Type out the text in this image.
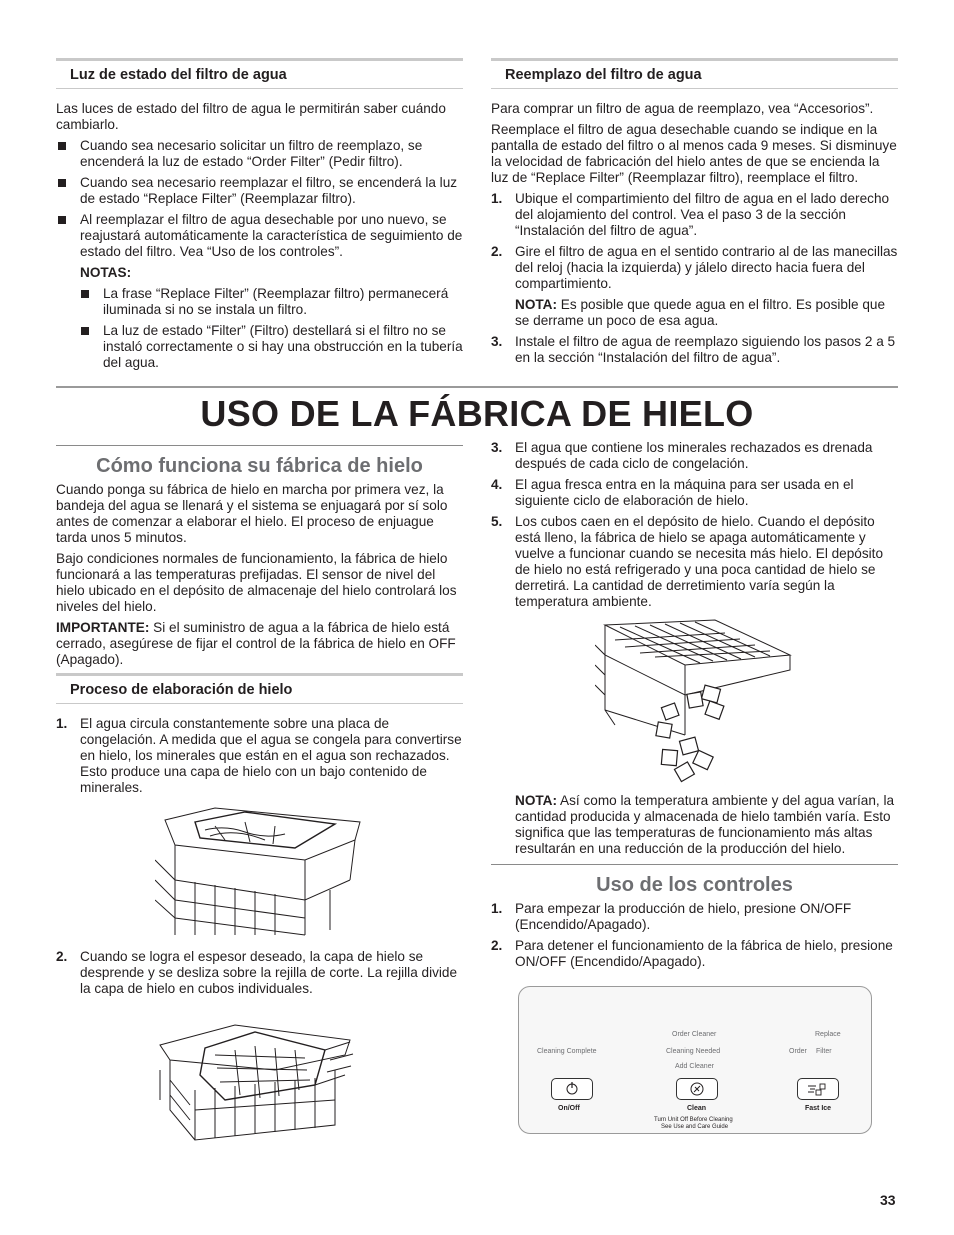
Luz de estado del filtro de agua

Las luces de estado del filtro de agua le permitirán saber cuándo cambiarlo.

Cuando sea necesario solicitar un filtro de reemplazo, se encenderá la luz de estado “Order Filter” (Pedir filtro).
Cuando sea necesario reemplazar el filtro, se encenderá la luz de estado “Replace Filter” (Reemplazar filtro).
Al reemplazar el filtro de agua desechable por uno nuevo, se reajustará automáticamente la característica de seguimiento de estado del filtro. Vea “Uso de los controles”.
NOTAS:
La frase “Replace Filter” (Reemplazar filtro) permanecerá iluminada si no se instala un filtro.
La luz de estado “Filter” (Filtro) destellará si el filtro no se instaló correctamente o si hay una obstrucción en la tubería del agua.
Reemplazo del filtro de agua

Para comprar un filtro de agua de reemplazo, vea “Accesorios”.

Reemplace el filtro de agua desechable cuando se indique en la pantalla de estado del filtro o al menos cada 9 meses. Si disminuye la velocidad de fabricación del hielo antes de que se encienda la luz de “Replace Filter” (Reemplazar filtro), reemplace el filtro.

1. Ubique el compartimiento del filtro de agua en el lado derecho del alojamiento del control. Vea el paso 3 de la sección “Instalación del filtro de agua”.
2. Gire el filtro de agua en el sentido contrario al de las manecillas del reloj (hacia la izquierda) y jálelo directo hacia fuera del compartimiento.
NOTA: Es posible que quede agua en el filtro. Es posible que se derrame un poco de esa agua.
3. Instale el filtro de agua de reemplazo siguiendo los pasos 2 a 5 en la sección “Instalación del filtro de agua”.
USO DE LA FÁBRICA DE HIELO
Cómo funciona su fábrica de hielo

Cuando ponga su fábrica de hielo en marcha por primera vez, la bandeja del agua se llenará y el sistema se enjuagará por sí solo antes de comenzar a elaborar el hielo. El proceso de enjuague tarda unos 5 minutos.

Bajo condiciones normales de funcionamiento, la fábrica de hielo funcionará a las temperaturas prefijadas. El sensor de nivel del hielo ubicado en el depósito de almacenaje del hielo controlará los niveles del hielo.

IMPORTANTE: Si el suministro de agua a la fábrica de hielo está cerrado, asegúrese de fijar el control de la fábrica de hielo en OFF (Apagado).

Proceso de elaboración de hielo
1. El agua circula constantemente sobre una placa de congelación. A medida que el agua se congela para convertirse en hielo, los minerales que están en el agua son rechazados. Esto produce una capa de hielo con un bajo contenido de minerales.
2. Cuando se logra el espesor deseado, la capa de hielo se desprende y se desliza sobre la rejilla de corte. La rejilla divide la capa de hielo en cubos individuales.
3. El agua que contiene los minerales rechazados es drenada después de cada ciclo de congelación.
4. El agua fresca entra en la máquina para ser usada en el siguiente ciclo de elaboración de hielo.
5. Los cubos caen en el depósito de hielo. Cuando el depósito está lleno, la fábrica de hielo se apaga automáticamente y vuelve a funcionar cuando se necesita más hielo. El depósito de hielo no está refrigerado y una poca cantidad de hielo se derretirá. La cantidad de derretimiento varía según la temperatura ambiente.

NOTA: Así como la temperatura ambiente y del agua varían, la cantidad producida y almacenada de hielo también varía. Esto significa que las temperaturas de funcionamiento más altas resultarán en una reducción de la producción del hielo.

Uso de los controles
1. Para empezar la producción de hielo, presione ON/OFF (Encendido/Apagado).
2. Para detener el funcionamiento de la fábrica de hielo, presione ON/OFF (Encendido/Apagado).
Cleaning Complete
Order Cleaner
Cleaning Needed
Add Cleaner
Replace
Order Filter
On/Off	Clean
Turn Unit Off Before Cleaning
See Use and Care Guide
Fast Ice
33
